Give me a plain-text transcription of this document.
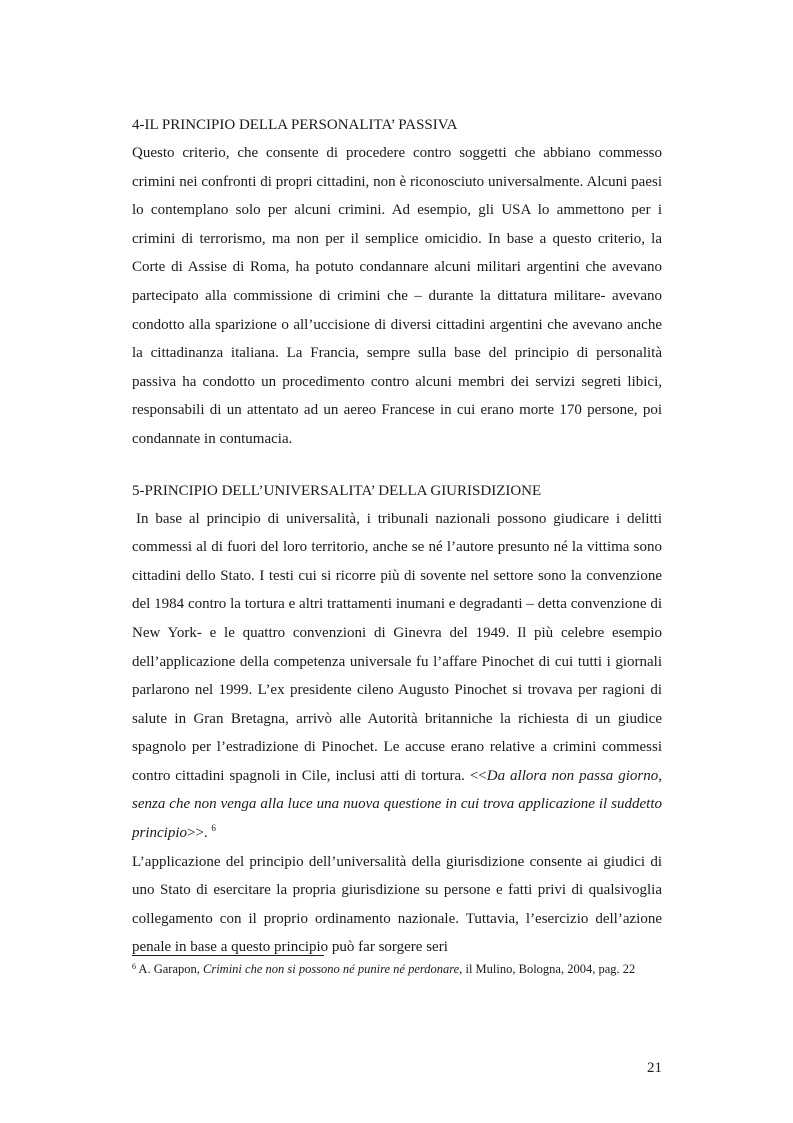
4-IL PRINCIPIO DELLA PERSONALITA’ PASSIVA

Questo criterio, che consente di procedere contro soggetti che abbiano commesso crimini nei confronti di propri cittadini, non è riconosciuto universalmente. Alcuni paesi lo contemplano solo per alcuni crimini. Ad esempio, gli USA lo ammettono per i crimini di terrorismo, ma non per il semplice omicidio. In base a questo criterio, la Corte di Assise di Roma, ha potuto condannare alcuni militari argentini che avevano partecipato alla commissione di crimini che – durante la dittatura militare- avevano condotto alla sparizione o all’uccisione di diversi cittadini argentini che avevano anche la cittadinanza italiana. La Francia, sempre sulla base del principio di personalità passiva ha condotto un procedimento contro alcuni membri dei servizi segreti libici, responsabili di un attentato ad un aereo Francese in cui erano morte 170 persone, poi condannate in contumacia.

5-PRINCIPIO DELL’UNIVERSALITA’ DELLA GIURISDIZIONE

In base al principio di universalità, i tribunali nazionali possono giudicare i delitti commessi al di fuori del loro territorio, anche se né l’autore presunto né la vittima sono cittadini dello Stato. I testi cui si ricorre più di sovente nel settore sono la convenzione del 1984 contro la tortura e altri trattamenti inumani e degradanti – detta convenzione di New York- e le quattro convenzioni di Ginevra del 1949. Il più celebre esempio dell’applicazione della competenza universale fu l’affare Pinochet di cui tutti i giornali parlarono nel 1999. L’ex presidente cileno Augusto Pinochet si trovava per ragioni di salute in Gran Bretagna, arrivò alle Autorità britanniche la richiesta di un giudice spagnolo per l’estradizione di Pinochet. Le accuse erano relative a crimini commessi contro cittadini spagnoli in Cile, inclusi atti di tortura. <<Da allora non passa giorno, senza che non venga alla luce una nuova questione in cui trova applicazione il suddetto principio>>. $^6$

L’applicazione del principio dell’universalità della giurisdizione consente ai giudici di uno Stato di esercitare la propria giurisdizione su persone e fatti privi di qualsivoglia collegamento con il proprio ordinamento nazionale. Tuttavia, l’esercizio dell’azione penale in base a questo principio può far sorgere seri

$^6$ A. Garapon, Crimini che non si possono né punire né perdonare, il Mulino, Bologna, 2004, pag. 22

21
